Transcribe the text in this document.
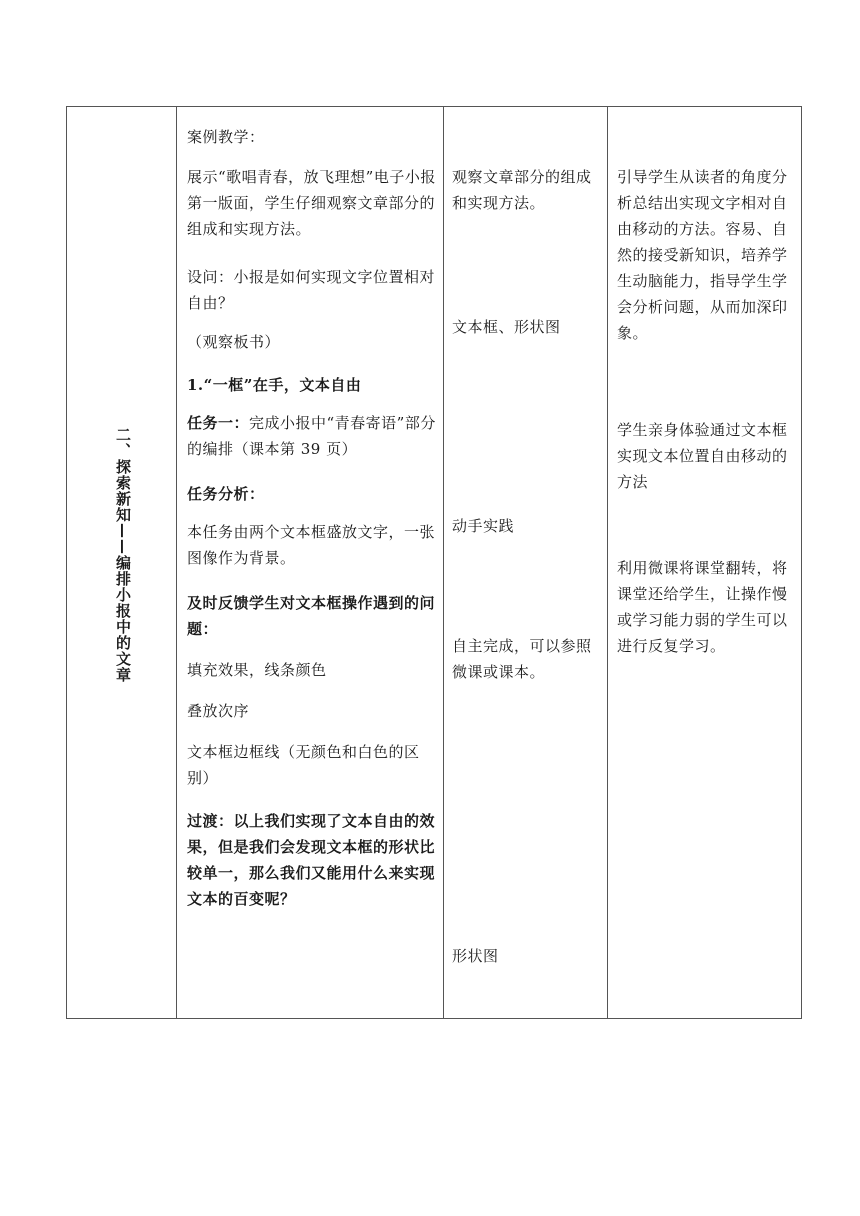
二、探索新知——编排小报中的文章

案例教学：

展示“歌唱青春，放飞理想”电子小报第一版面，学生仔细观察文章部分的组成和实现方法。

设问：小报是如何实现文字位置相对自由？

（观察板书）

1.“一框”在手，文本自由

任务一：完成小报中“青春寄语”部分的编排（课本第 39 页）

任务分析：

本任务由两个文本框盛放文字，一张图像作为背景。

及时反馈学生对文本框操作遇到的问题：

填充效果，线条颜色

叠放次序

文本框边框线（无颜色和白色的区别）

过渡：以上我们实现了文本自由的效果，但是我们会发现文本框的形状比较单一，那么我们又能用什么来实现文本的百变呢？

观察文章部分的组成和实现方法。

文本框、形状图

动手实践

自主完成，可以参照微课或课本。

形状图

引导学生从读者的角度分析总结出实现文字相对自由移动的方法。容易、自然的接受新知识，培养学生动脑能力，指导学生学会分析问题，从而加深印象。

学生亲身体验通过文本框实现文本位置自由移动的方法

利用微课将课堂翻转，将课堂还给学生，让操作慢或学习能力弱的学生可以进行反复学习。
